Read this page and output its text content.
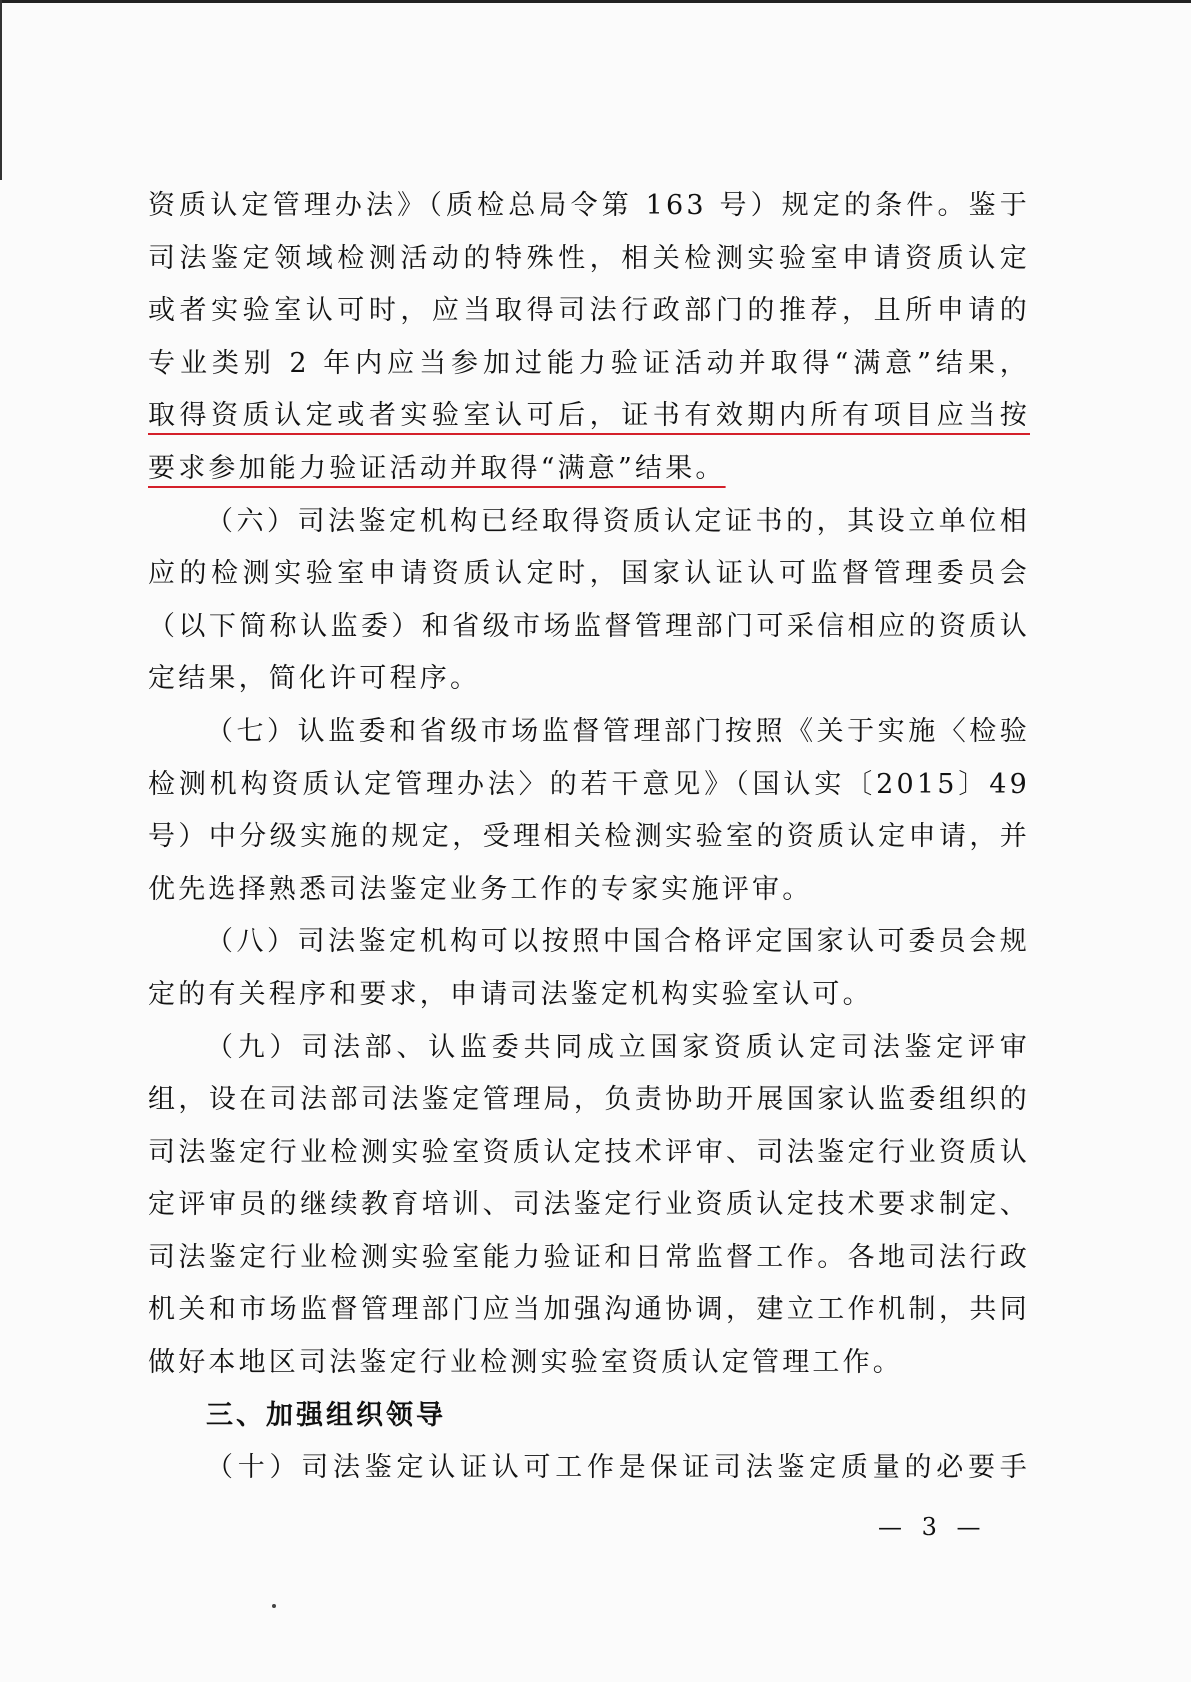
资质认定管理办法》（质检总局令第 163 号）规定的条件。鉴于

司法鉴定领域检测活动的特殊性，相关检测实验室申请资质认定

或者实验室认可时，应当取得司法行政部门的推荐，且所申请的

专业类别 2 年内应当参加过能力验证活动并取得“满意”结果，

取得资质认定或者实验室认可后，证书有效期内所有项目应当按

要求参加能力验证活动并取得“满意”结果。

（六）司法鉴定机构已经取得资质认定证书的，其设立单位相应的检测实验室申请资质认定时，国家认证认可监督管理委员会（以下简称认监委）和省级市场监督管理部门可采信相应的资质认定结果，简化许可程序。

（七）认监委和省级市场监督管理部门按照《关于实施〈检验检测机构资质认定管理办法〉的若干意见》（国认实〔2015〕49 号）中分级实施的规定，受理相关检测实验室的资质认定申请，并优先选择熟悉司法鉴定业务工作的专家实施评审。

（八）司法鉴定机构可以按照中国合格评定国家认可委员会规定的有关程序和要求，申请司法鉴定机构实验室认可。

（九）司法部、认监委共同成立国家资质认定司法鉴定评审组，设在司法部司法鉴定管理局，负责协助开展国家认监委组织的司法鉴定行业检测实验室资质认定技术评审、司法鉴定行业资质认定评审员的继续教育培训、司法鉴定行业资质认定技术要求制定、司法鉴定行业检测实验室能力验证和日常监督工作。各地司法行政机关和市场监督管理部门应当加强沟通协调，建立工作机制，共同做好本地区司法鉴定行业检测实验室资质认定管理工作。

三、加强组织领导

（十）司法鉴定认证认可工作是保证司法鉴定质量的必要手

— 3 —
